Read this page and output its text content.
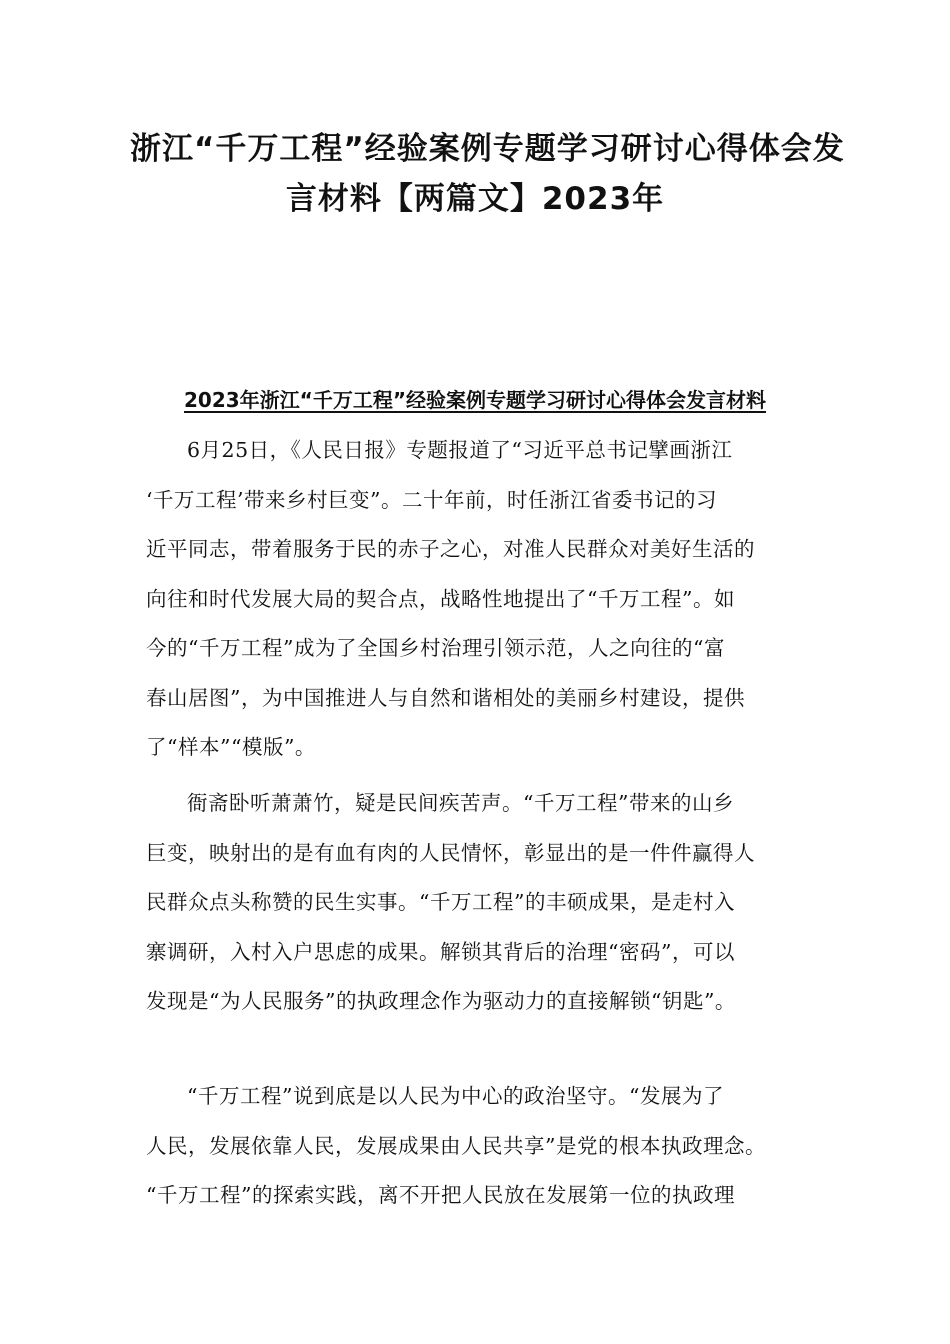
浙江“千万工程”经验案例专题学习研讨心得体会发
言材料【两篇文】2023年
2023年浙江“千万工程”经验案例专题学习研讨心得体会发言材料

6月25日，《人民日报》专题报道了“习近平总书记擘画浙江
‘千万工程’带来乡村巨变”。二十年前，时任浙江省委书记的习
近平同志，带着服务于民的赤子之心，对准人民群众对美好生活的
向往和时代发展大局的契合点，战略性地提出了“千万工程”。如
今的“千万工程”成为了全国乡村治理引领示范，人之向往的“富
春山居图”，为中国推进人与自然和谐相处的美丽乡村建设，提供
了“样本”“模版”。

衙斋卧听萧萧竹，疑是民间疾苦声。“千万工程”带来的山乡
巨变，映射出的是有血有肉的人民情怀，彰显出的是一件件赢得人
民群众点头称赞的民生实事。“千万工程”的丰硕成果，是走村入
寨调研，入村入户思虑的成果。解锁其背后的治理“密码”，可以
发现是“为人民服务”的执政理念作为驱动力的直接解锁“钥匙”。

“千万工程”说到底是以人民为中心的政治坚守。“发展为了
人民，发展依靠人民，发展成果由人民共享”是党的根本执政理念。
“千万工程”的探索实践，离不开把人民放在发展第一位的执政理
